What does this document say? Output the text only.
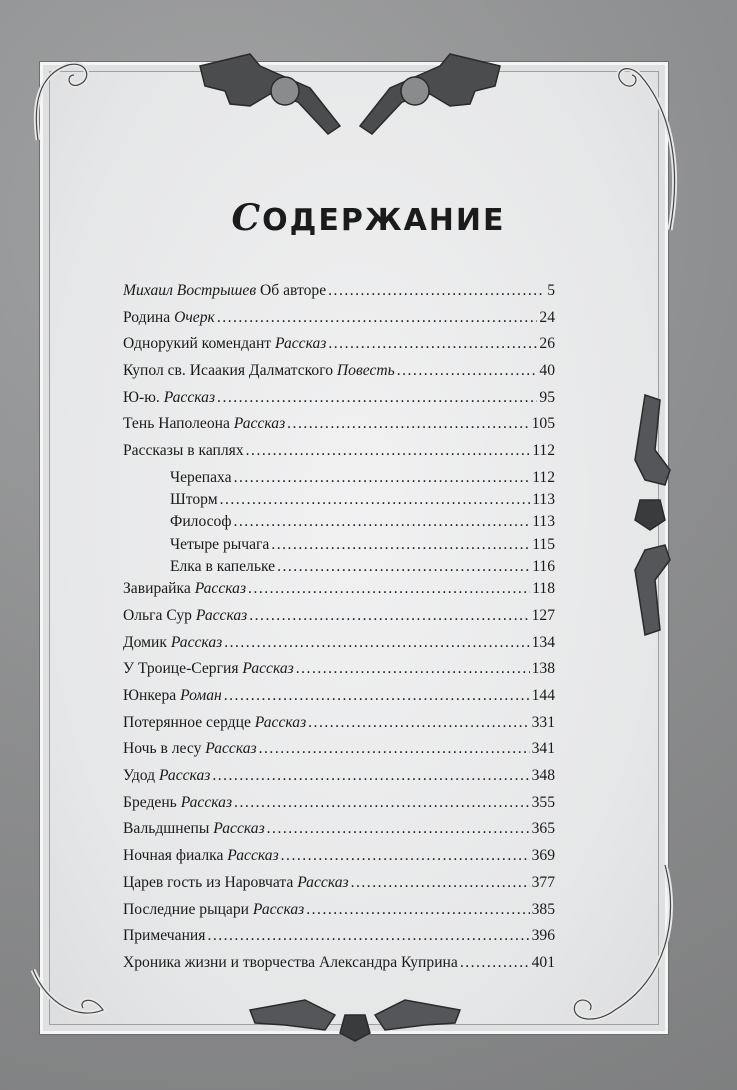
СОДЕРЖАНИЕ
Михаил Вострышев Об авторе . . .	5
Родина Очерк . . .	24
Однорукий комендант Рассказ . . .	26
Купол св. Исаакия Далматского Повесть . . .	40
Ю-ю. Рассказ . . .	95
Тень Наполеона Рассказ . . .	105
Рассказы в каплях . . .	112
Черепаха . . .	112
Шторм . . .	113
Философ . . .	113
Четыре рычага . . .	115
Елка в капельке . . .	116
Завирайка Рассказ . . .	118
Ольга Сур Рассказ . . .	127
Домик Рассказ . . .	134
У Троице-Сергия Рассказ . . .	138
Юнкера Роман . . .	144
Потерянное сердце Рассказ . . .	331
Ночь в лесу Рассказ . . .	341
Удод Рассказ . . .	348
Бредень Рассказ . . .	355
Вальдшнепы Рассказ . . .	365
Ночная фиалка Рассказ . . .	369
Царев гость из Наровчата Рассказ . . .	377
Последние рыцари Рассказ . . .	385
Примечания . . .	396
Хроника жизни и творчества Александра Куприна . . .	401
